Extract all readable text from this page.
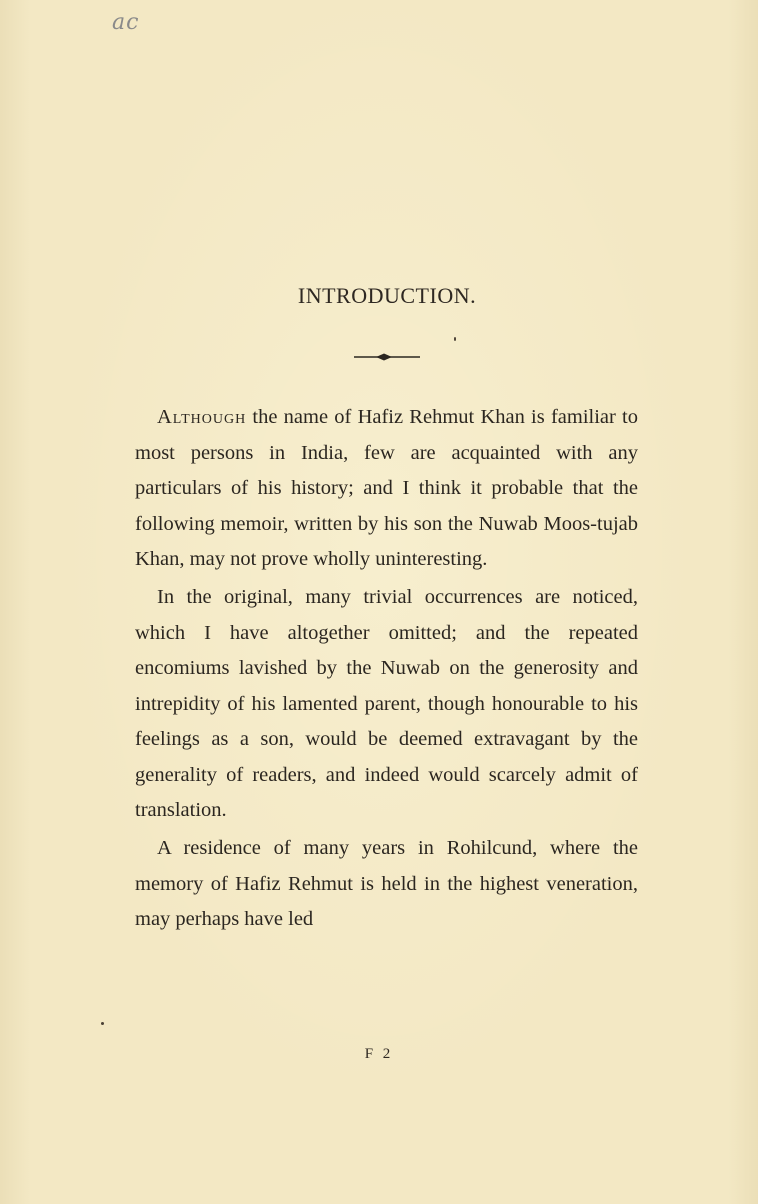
ac
INTRODUCTION.

Although the name of Hafiz Rehmut Khan is familiar to most persons in India, few are acquainted with any particulars of his history; and I think it probable that the following memoir, written by his son the Nuwab Moos-tujab Khan, may not prove wholly uninteresting.

In the original, many trivial occurrences are noticed, which I have altogether omitted; and the repeated encomiums lavished by the Nuwab on the generosity and intrepidity of his lamented parent, though honourable to his feelings as a son, would be deemed extravagant by the generality of readers, and indeed would scarcely admit of translation.

A residence of many years in Rohilcund, where the memory of Hafiz Rehmut is held in the highest veneration, may perhaps have led

F 2
